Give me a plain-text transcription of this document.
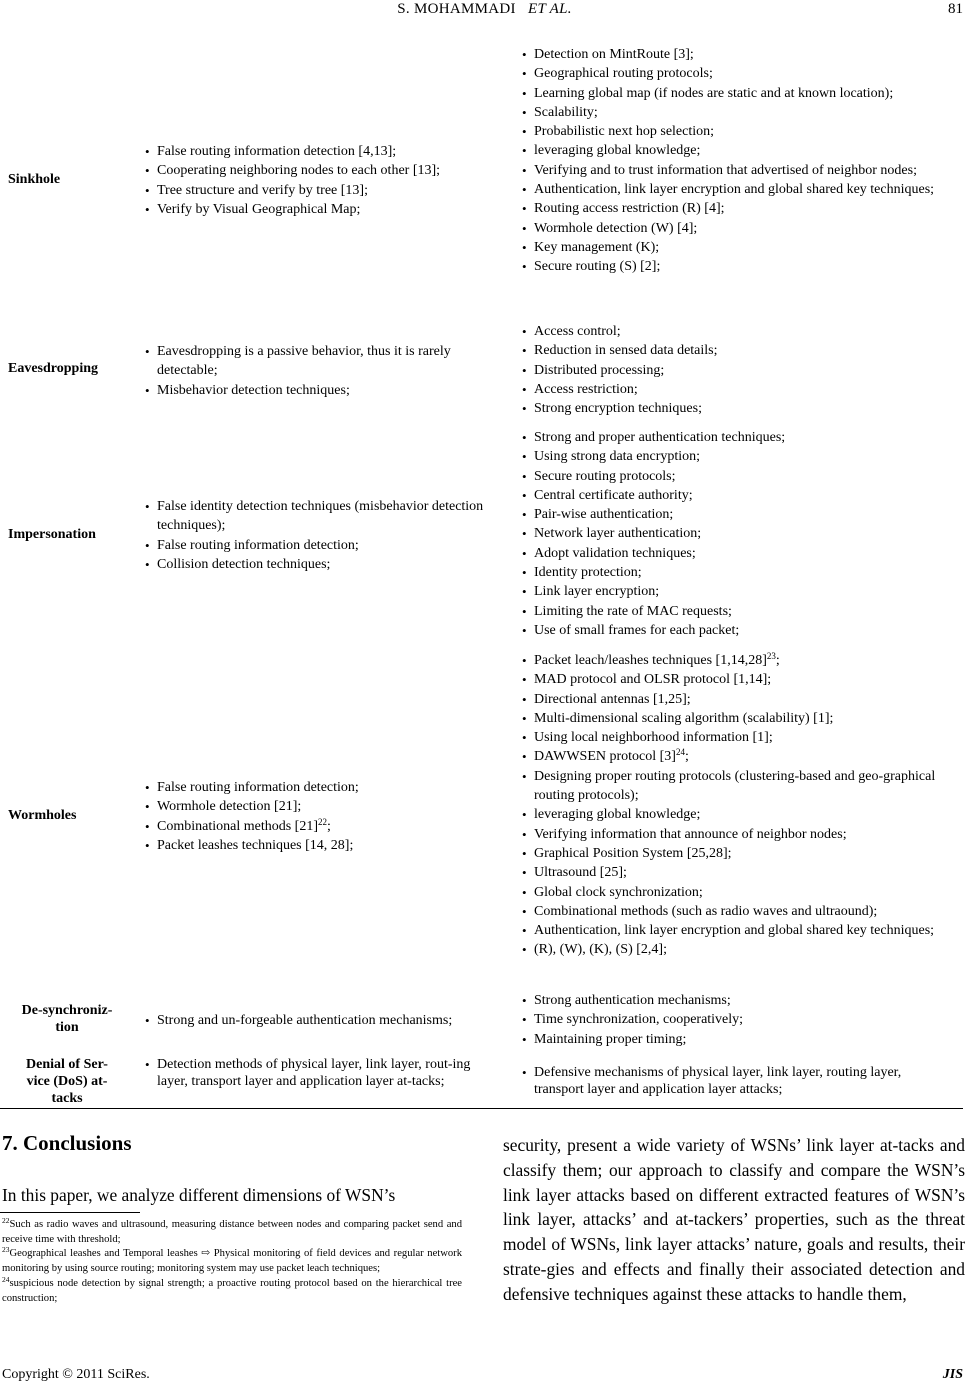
S. MOHAMMADI ET AL.	81
Sinkhole
• False routing information detection [4,13];
• Cooperating neighboring nodes to each other [13];
• Tree structure and verify by tree [13];
• Verify by Visual Geographical Map;
• Detection on MintRoute [3];
• Geographical routing protocols;
• Learning global map (if nodes are static and at known location);
• Scalability;
• Probabilistic next hop selection;
• leveraging global knowledge;
• Verifying and to trust information that advertised of neighbor nodes;
• Authentication, link layer encryption and global shared key techniques;
• Routing access restriction (R) [4];
• Wormhole detection (W) [4];
• Key management (K);
• Secure routing (S) [2];
Eavesdropping
• Eavesdropping is a passive behavior, thus it is rarely detectable;
• Misbehavior detection techniques;
• Access control;
• Reduction in sensed data details;
• Distributed processing;
• Access restriction;
• Strong encryption techniques;
Impersonation
• False identity detection techniques (misbehavior detection techniques);
• False routing information detection;
• Collision detection techniques;
• Strong and proper authentication techniques;
• Using strong data encryption;
• Secure routing protocols;
• Central certificate authority;
• Pair-wise authentication;
• Network layer authentication;
• Adopt validation techniques;
• Identity protection;
• Link layer encryption;
• Limiting the rate of MAC requests;
• Use of small frames for each packet;
Wormholes
• False routing information detection;
• Wormhole detection [21];
• Combinational methods $[21]^{22}$;
• Packet leashes techniques [14, 28];
• Packet leach/leashes techniques $[1,14,28]^{23}$;
• MAD protocol and OLSR protocol [1,14];
• Directional antennas [1,25];
• Multi-dimensional scaling algorithm (scalability) [1];
• Using local neighborhood information [1];
• DAWWSEN protocol $[3]^{24}$;
• Designing proper routing protocols (clustering-based and geo-graphical routing protocols);
• leveraging global knowledge;
• Verifying information that announce of neighbor nodes;
• Graphical Position System [25,28];
• Ultrasound [25];
• Global clock synchronization;
• Combinational methods (such as radio waves and ultraound);
• Authentication, link layer encryption and global shared key techniques;
• (R), (W), (K), (S) [2,4];
De-synchroniz-
tion
•	Strong and un-forgeable authentication mechanisms;
• Strong authentication mechanisms;
• Time synchronization, cooperatively;
• Maintaining proper timing;
Denial of Ser-
vice (DoS) at-
tacks
• Detection methods of physical layer, link layer, rout-ing layer, transport layer and application layer at-tacks;
• Defensive mechanisms of physical layer, link layer, routing layer, transport layer and application layer attacks;
7. Conclusions
In this paper, we analyze different dimensions of WSN’s
security, present a wide variety of WSNs’ link layer at-tacks and classify them; our approach to classify and compare the WSN’s link layer attacks based on different extracted features of WSN’s link layer, attacks’ and at-tackers’ properties, such as the threat model of WSNs, link layer attacks’ nature, goals and results, their strate-gies and effects and finally their associated detection and defensive techniques against these attacks to handle them,

$^{22}$Such as radio waves and ultrasound, measuring distance between nodes and comparing packet send and receive time with threshold;

$^{23}$Geographical leashes and Temporal leashes ⇨ Physical monitoring of field devices and regular network monitoring by using source routing; monitoring system may use packet leach techniques;

$^{24}$suspicious node detection by signal strength; a proactive routing protocol based on the hierarchical tree construction;

Copyright © 2011 SciRes.	JIS
